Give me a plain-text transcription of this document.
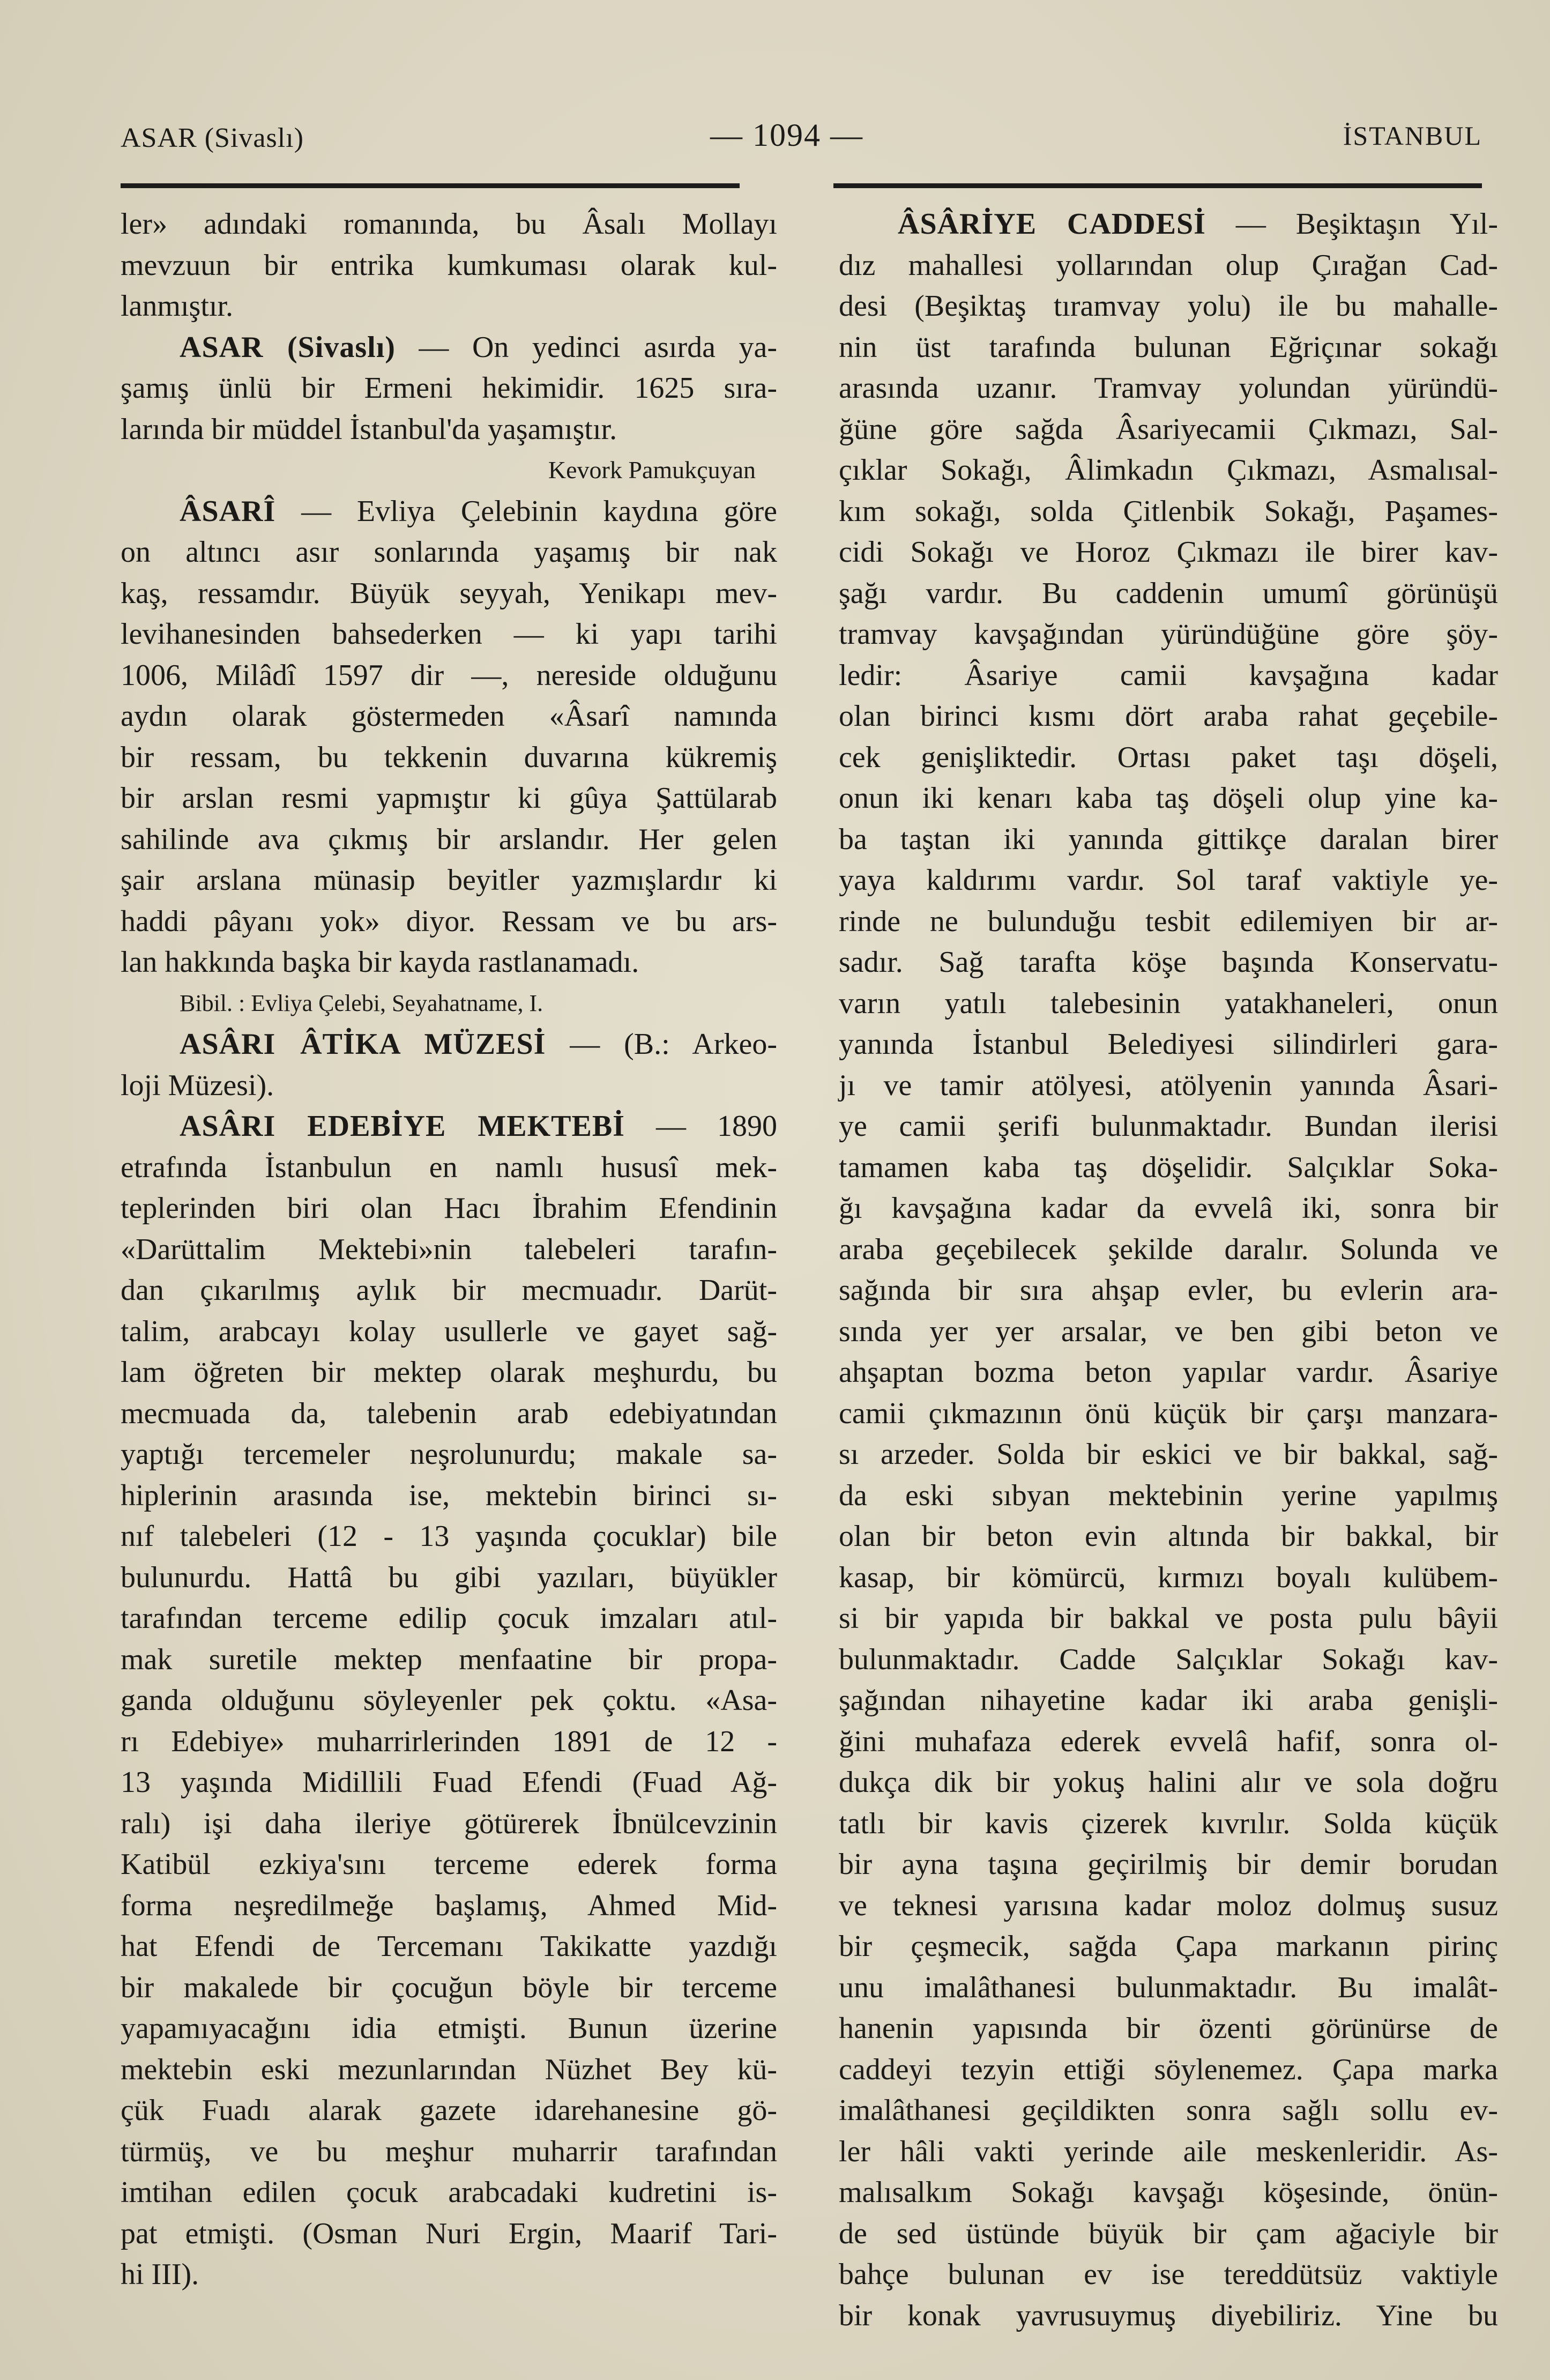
ASAR (Sivaslı)	— 1094 —	İSTANBUL
ler» adındaki romanında, bu Âsalı Mollayı
mevzuun bir entrika kumkuması olarak kul-
lanmıştır.
ASAR (Sivaslı) — On yedinci asırda ya-
şamış ünlü bir Ermeni hekimidir. 1625 sıra-
larında bir müddel İstanbul'da yaşamıştır.
Kevork Pamukçuyan
ÂSARÎ — Evliya Çelebinin kaydına göre
on altıncı asır sonlarında yaşamış bir nak
kaş, ressamdır. Büyük seyyah, Yenikapı mev-
levihanesinden bahsederken — ki yapı tarihi
1006, Milâdî 1597 dir —, nereside olduğunu
aydın olarak göstermeden «Âsarî namında
bir ressam, bu tekkenin duvarına kükremiş
bir arslan resmi yapmıştır ki gûya Şattülarab
sahilinde ava çıkmış bir arslandır. Her gelen
şair arslana münasip beyitler yazmışlardır ki
haddi pâyanı yok» diyor. Ressam ve bu ars-
lan hakkında başka bir kayda rastlanamadı.
Bibil. : Evliya Çelebi, Seyahatname, I.
ASÂRI ÂTİKA MÜZESİ — (B.: Arkeo-
loji Müzesi).
ASÂRI EDEBİYE MEKTEBİ — 1890
etrafında İstanbulun en namlı hususî mek-
teplerinden biri olan Hacı İbrahim Efendinin
«Darüttalim Mektebi»nin talebeleri tarafın-
dan çıkarılmış aylık bir mecmuadır. Darüt-
talim, arabcayı kolay usullerle ve gayet sağ-
lam öğreten bir mektep olarak meşhurdu, bu
mecmuada da, talebenin arab edebiyatından
yaptığı tercemeler neşrolunurdu; makale sa-
hiplerinin arasında ise, mektebin birinci sı-
nıf talebeleri (12 - 13 yaşında çocuklar) bile
bulunurdu. Hattâ bu gibi yazıları, büyükler
tarafından terceme edilip çocuk imzaları atıl-
mak suretile mektep menfaatine bir propa-
ganda olduğunu söyleyenler pek çoktu. «Asa-
rı Edebiye» muharrirlerinden 1891 de 12 -
13 yaşında Midillili Fuad Efendi (Fuad Ağ-
ralı) işi daha ileriye götürerek İbnülcevzinin
Katibül ezkiya'sını terceme ederek forma
forma neşredilmeğe başlamış, Ahmed Mid-
hat Efendi de Tercemanı Takikatte yazdığı
bir makalede bir çocuğun böyle bir terceme
yapamıyacağını idia etmişti. Bunun üzerine
mektebin eski mezunlarından Nüzhet Bey kü-
çük Fuadı alarak gazete idarehanesine gö-
türmüş, ve bu meşhur muharrir tarafından
imtihan edilen çocuk arabcadaki kudretini is-
pat etmişti. (Osman Nuri Ergin, Maarif Tari-
hi III).
ÂSÂRİYE CADDESİ — Beşiktaşın Yıl-
dız mahallesi yollarından olup Çırağan Cad-
desi (Beşiktaş tıramvay yolu) ile bu mahalle-
nin üst tarafında bulunan Eğriçınar sokağı
arasında uzanır. Tramvay yolundan yüründü-
ğüne göre sağda Âsariyecamii Çıkmazı, Sal-
çıklar Sokağı, Âlimkadın Çıkmazı, Asmalısal-
kım sokağı, solda Çitlenbik Sokağı, Paşames-
cidi Sokağı ve Horoz Çıkmazı ile birer kav-
şağı vardır. Bu caddenin umumî görünüşü
tramvay kavşağından yüründüğüne göre şöy-
ledir: Âsariye camii kavşağına kadar
olan birinci kısmı dört araba rahat geçebile-
cek genişliktedir. Ortası paket taşı döşeli,
onun iki kenarı kaba taş döşeli olup yine ka-
ba taştan iki yanında gittikçe daralan birer
yaya kaldırımı vardır. Sol taraf vaktiyle ye-
rinde ne bulunduğu tesbit edilemiyen bir ar-
sadır. Sağ tarafta köşe başında Konservatu-
varın yatılı talebesinin yatakhaneleri, onun
yanında İstanbul Belediyesi silindirleri gara-
jı ve tamir atölyesi, atölyenin yanında Âsari-
ye camii şerifi bulunmaktadır. Bundan ilerisi
tamamen kaba taş döşelidir. Salçıklar Soka-
ğı kavşağına kadar da evvelâ iki, sonra bir
araba geçebilecek şekilde daralır. Solunda ve
sağında bir sıra ahşap evler, bu evlerin ara-
sında yer yer arsalar, ve ben gibi beton ve
ahşaptan bozma beton yapılar vardır. Âsariye
camii çıkmazının önü küçük bir çarşı manzara-
sı arzeder. Solda bir eskici ve bir bakkal, sağ-
da eski sıbyan mektebinin yerine yapılmış
olan bir beton evin altında bir bakkal, bir
kasap, bir kömürcü, kırmızı boyalı kulübem-
si bir yapıda bir bakkal ve posta pulu bâyii
bulunmaktadır. Cadde Salçıklar Sokağı kav-
şağından nihayetine kadar iki araba genişli-
ğini muhafaza ederek evvelâ hafif, sonra ol-
dukça dik bir yokuş halini alır ve sola doğru
tatlı bir kavis çizerek kıvrılır. Solda küçük
bir ayna taşına geçirilmiş bir demir borudan
ve teknesi yarısına kadar moloz dolmuş susuz
bir çeşmecik, sağda Çapa markanın pirinç
unu imalâthanesi bulunmaktadır. Bu imalât-
hanenin yapısında bir özenti görünürse de
caddeyi tezyin ettiği söylenemez. Çapa marka
imalâthanesi geçildikten sonra sağlı sollu ev-
ler hâli vakti yerinde aile meskenleridir. As-
malısalkım Sokağı kavşağı köşesinde, önün-
de sed üstünde büyük bir çam ağaciyle bir
bahçe bulunan ev ise tereddütsüz vaktiyle
bir konak yavrusuymuş diyebiliriz. Yine bu
